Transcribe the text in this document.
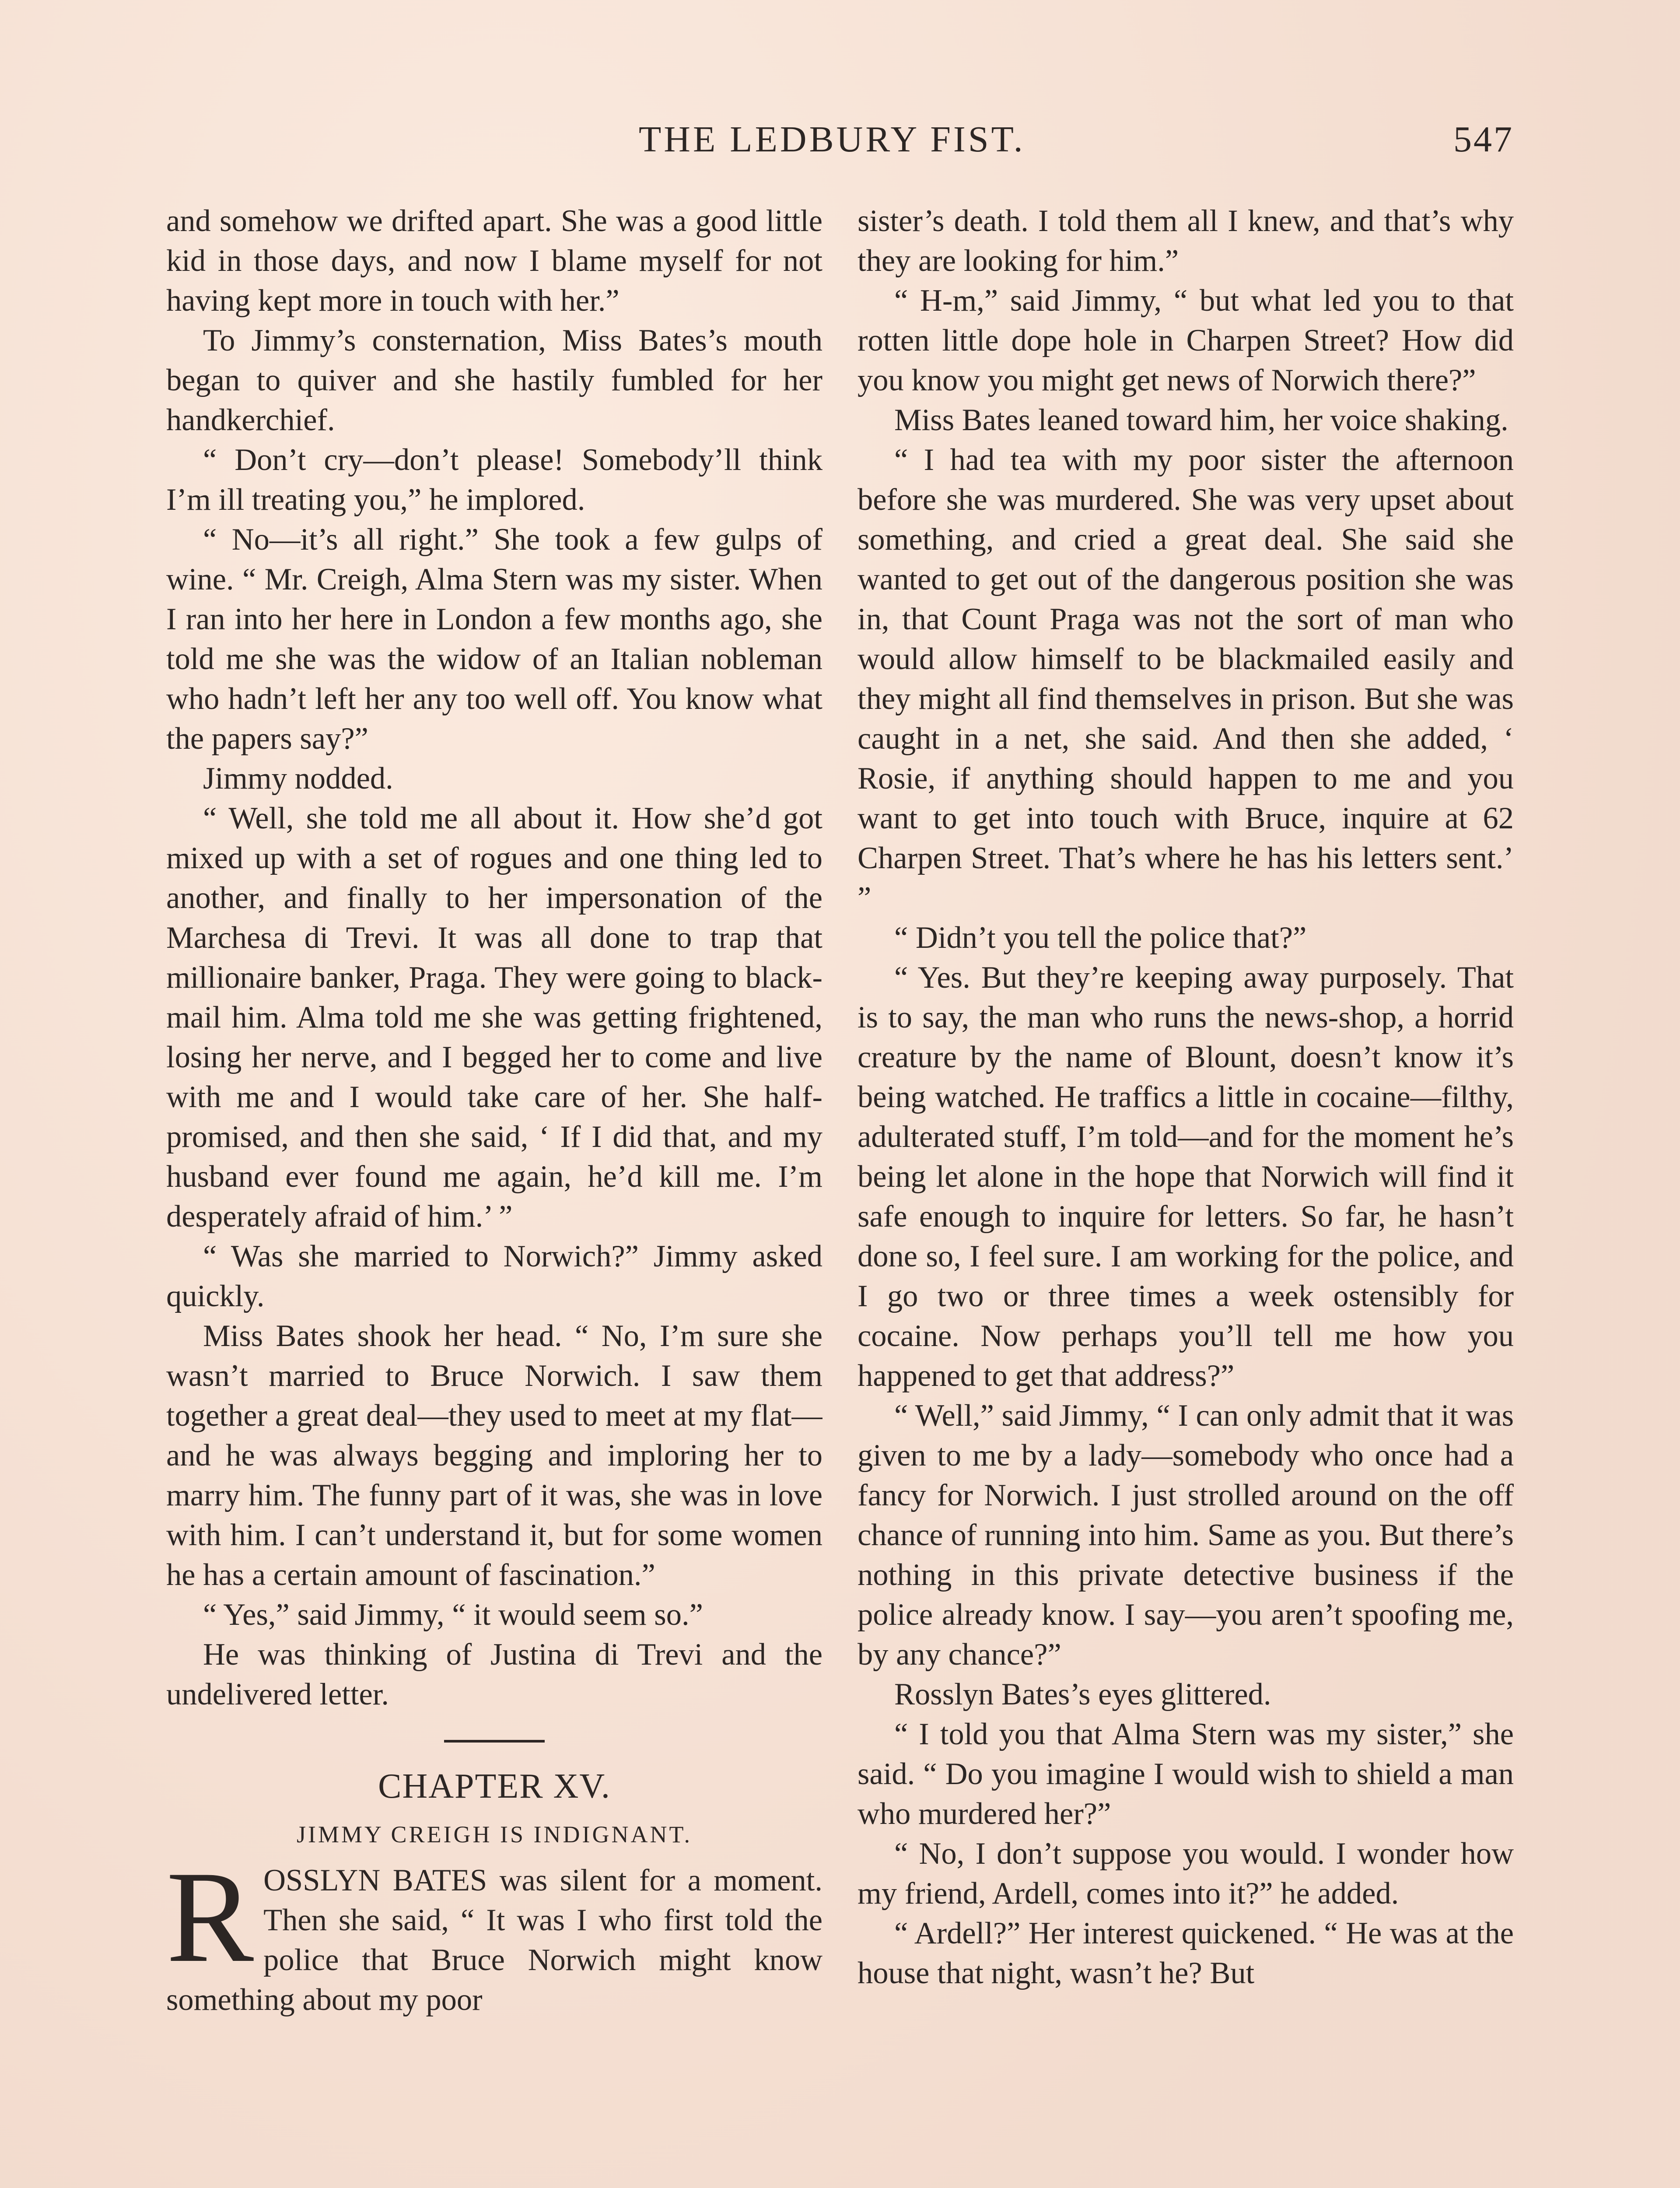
THE LEDBURY FIST.	547

and somehow we drifted apart. She was a good little kid in those days, and now I blame myself for not having kept more in touch with her.”

To Jimmy’s consternation, Miss Bates’s mouth began to quiver and she hastily fumbled for her handkerchief.

“ Don’t cry—don’t please! Somebody’ll think I’m ill treating you,” he implored.

“ No—it’s all right.” She took a few gulps of wine. “ Mr. Creigh, Alma Stern was my sister. When I ran into her here in London a few months ago, she told me she was the widow of an Italian nobleman who hadn’t left her any too well off. You know what the papers say?”

Jimmy nodded.

“ Well, she told me all about it. How she’d got mixed up with a set of rogues and one thing led to another, and finally to her impersonation of the Marchesa di Trevi. It was all done to trap that millionaire banker, Praga. They were going to blackmail him. Alma told me she was getting frightened, losing her nerve, and I begged her to come and live with me and I would take care of her. She half-promised, and then she said, ‘ If I did that, and my husband ever found me again, he’d kill me. I’m desperately afraid of him.’ ”

“ Was she married to Norwich?” Jimmy asked quickly.

Miss Bates shook her head. “ No, I’m sure she wasn’t married to Bruce Norwich. I saw them together a great deal—they used to meet at my flat—and he was always begging and imploring her to marry him. The funny part of it was, she was in love with him. I can’t understand it, but for some women he has a certain amount of fascination.”

“ Yes,” said Jimmy, “ it would seem so.”

He was thinking of Justina di Trevi and the undelivered letter.

CHAPTER XV.

JIMMY CREIGH IS INDIGNANT.

ROSSLYN BATES was silent for a moment. Then she said, “ It was I who first told the police that Bruce Norwich might know something about my poor

sister’s death. I told them all I knew, and that’s why they are looking for him.”

“ H-m,” said Jimmy, “ but what led you to that rotten little dope hole in Charpen Street? How did you know you might get news of Norwich there?”

Miss Bates leaned toward him, her voice shaking.

“ I had tea with my poor sister the afternoon before she was murdered. She was very upset about something, and cried a great deal. She said she wanted to get out of the dangerous position she was in, that Count Praga was not the sort of man who would allow himself to be blackmailed easily and they might all find themselves in prison. But she was caught in a net, she said. And then she added, ‘ Rosie, if anything should happen to me and you want to get into touch with Bruce, inquire at 62 Charpen Street. That’s where he has his letters sent.’ ”

“ Didn’t you tell the police that?”

“ Yes. But they’re keeping away purposely. That is to say, the man who runs the news-shop, a horrid creature by the name of Blount, doesn’t know it’s being watched. He traffics a little in cocaine—filthy, adulterated stuff, I’m told—and for the moment he’s being let alone in the hope that Norwich will find it safe enough to inquire for letters. So far, he hasn’t done so, I feel sure. I am working for the police, and I go two or three times a week ostensibly for cocaine. Now perhaps you’ll tell me how you happened to get that address?”

“ Well,” said Jimmy, “ I can only admit that it was given to me by a lady—somebody who once had a fancy for Norwich. I just strolled around on the off chance of running into him. Same as you. But there’s nothing in this private detective business if the police already know. I say—you aren’t spoofing me, by any chance?”

Rosslyn Bates’s eyes glittered.

“ I told you that Alma Stern was my sister,” she said. “ Do you imagine I would wish to shield a man who murdered her?”

“ No, I don’t suppose you would. I wonder how my friend, Ardell, comes into it?” he added.

“ Ardell?” Her interest quickened. “ He was at the house that night, wasn’t he? But
